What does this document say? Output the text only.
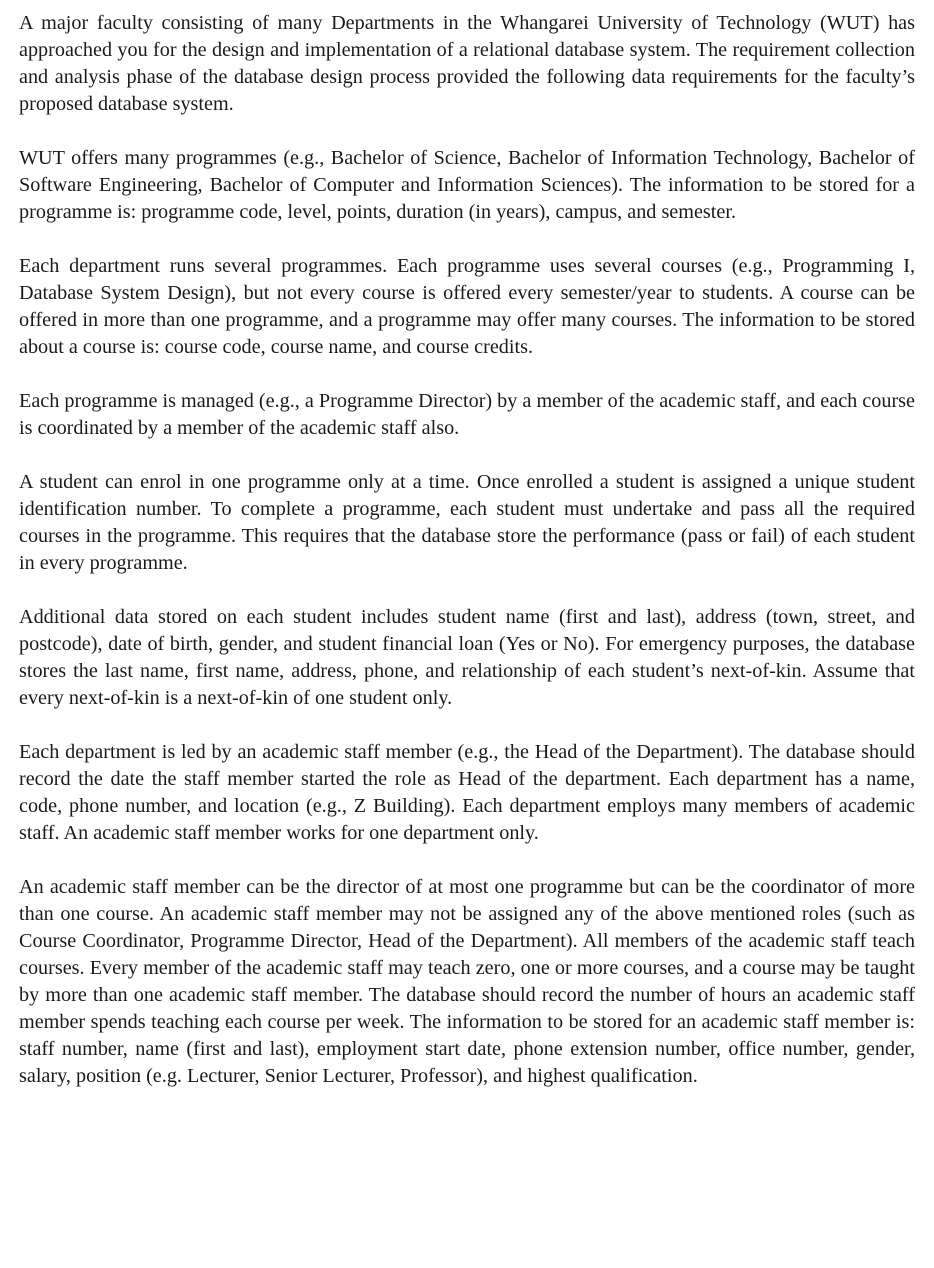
A major faculty consisting of many Departments in the Whangarei University of Technology (WUT) has approached you for the design and implementation of a relational database system. The requirement collection and analysis phase of the database design process provided the following data requirements for the faculty’s proposed database system.

WUT offers many programmes (e.g., Bachelor of Science, Bachelor of Information Technology, Bachelor of Software Engineering, Bachelor of Computer and Information Sciences). The information to be stored for a programme is: programme code, level, points, duration (in years), campus, and semester.

Each department runs several programmes. Each programme uses several courses (e.g., Programming I, Database System Design), but not every course is offered every semester/year to students. A course can be offered in more than one programme, and a programme may offer many courses. The information to be stored about a course is: course code, course name, and course credits.

Each programme is managed (e.g., a Programme Director) by a member of the academic staff, and each course is coordinated by a member of the academic staff also.

A student can enrol in one programme only at a time. Once enrolled a student is assigned a unique student identification number. To complete a programme, each student must undertake and pass all the required courses in the programme. This requires that the database store the performance (pass or fail) of each student in every programme.

Additional data stored on each student includes student name (first and last), address (town, street, and postcode), date of birth, gender, and student financial loan (Yes or No). For emergency purposes, the database stores the last name, first name, address, phone, and relationship of each student’s next-of-kin. Assume that every next-of-kin is a next-of-kin of one student only.

Each department is led by an academic staff member (e.g., the Head of the Department). The database should record the date the staff member started the role as Head of the department. Each department has a name, code, phone number, and location (e.g., Z Building). Each department employs many members of academic staff. An academic staff member works for one department only.

An academic staff member can be the director of at most one programme but can be the coordinator of more than one course. An academic staff member may not be assigned any of the above mentioned roles (such as Course Coordinator, Programme Director, Head of the Department). All members of the academic staff teach courses. Every member of the academic staff may teach zero, one or more courses, and a course may be taught by more than one academic staff member. The database should record the number of hours an academic staff member spends teaching each course per week. The information to be stored for an academic staff member is: staff number, name (first and last), employment start date, phone extension number, office number, gender, salary, position (e.g. Lecturer, Senior Lecturer, Professor), and highest qualification.
